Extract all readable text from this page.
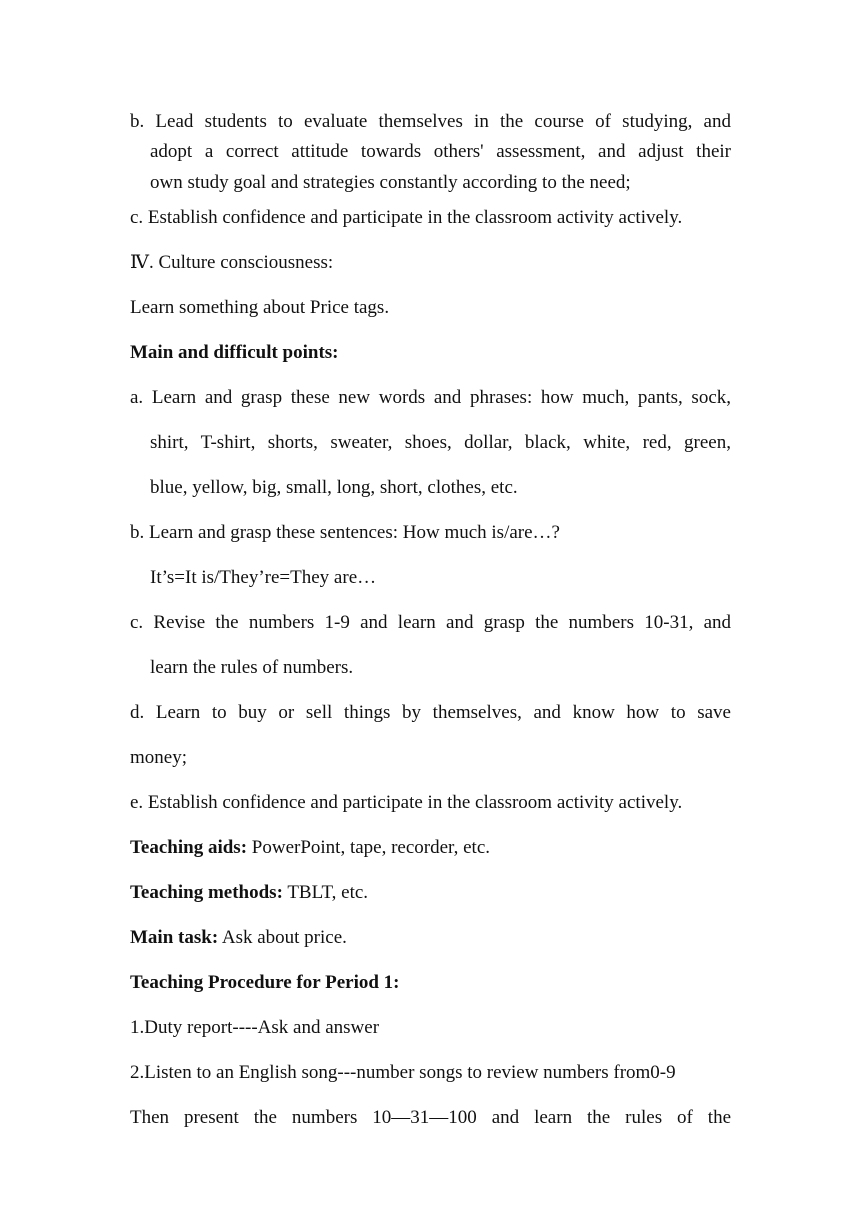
b. Lead students to evaluate themselves in the course of studying, and
adopt a correct attitude towards others' assessment, and adjust their
own study goal and strategies constantly according to the need;
c. Establish confidence and participate in the classroom activity actively.
Ⅳ. Culture consciousness:
Learn something about Price tags.
Main and difficult points:
a. Learn and grasp these new words and phrases: how much, pants, sock,
shirt, T-shirt, shorts, sweater, shoes, dollar, black, white, red, green,
blue, yellow, big, small, long, short, clothes, etc.
b. Learn and grasp these sentences: How much is/are…?
It’s=It is/They’re=They are…
c. Revise the numbers 1-9 and learn and grasp the numbers 10-31, and
learn the rules of numbers.
d. Learn to buy or sell things by themselves, and know how to save
money;
e. Establish confidence and participate in the classroom activity actively.
Teaching aids: PowerPoint, tape, recorder, etc.
Teaching methods: TBLT, etc.
Main task: Ask about price.
Teaching Procedure for Period 1:
1.Duty report----Ask and answer
2.Listen to an English song---number songs to review numbers from0-9
Then present the numbers 10—31—100 and learn the rules of the
